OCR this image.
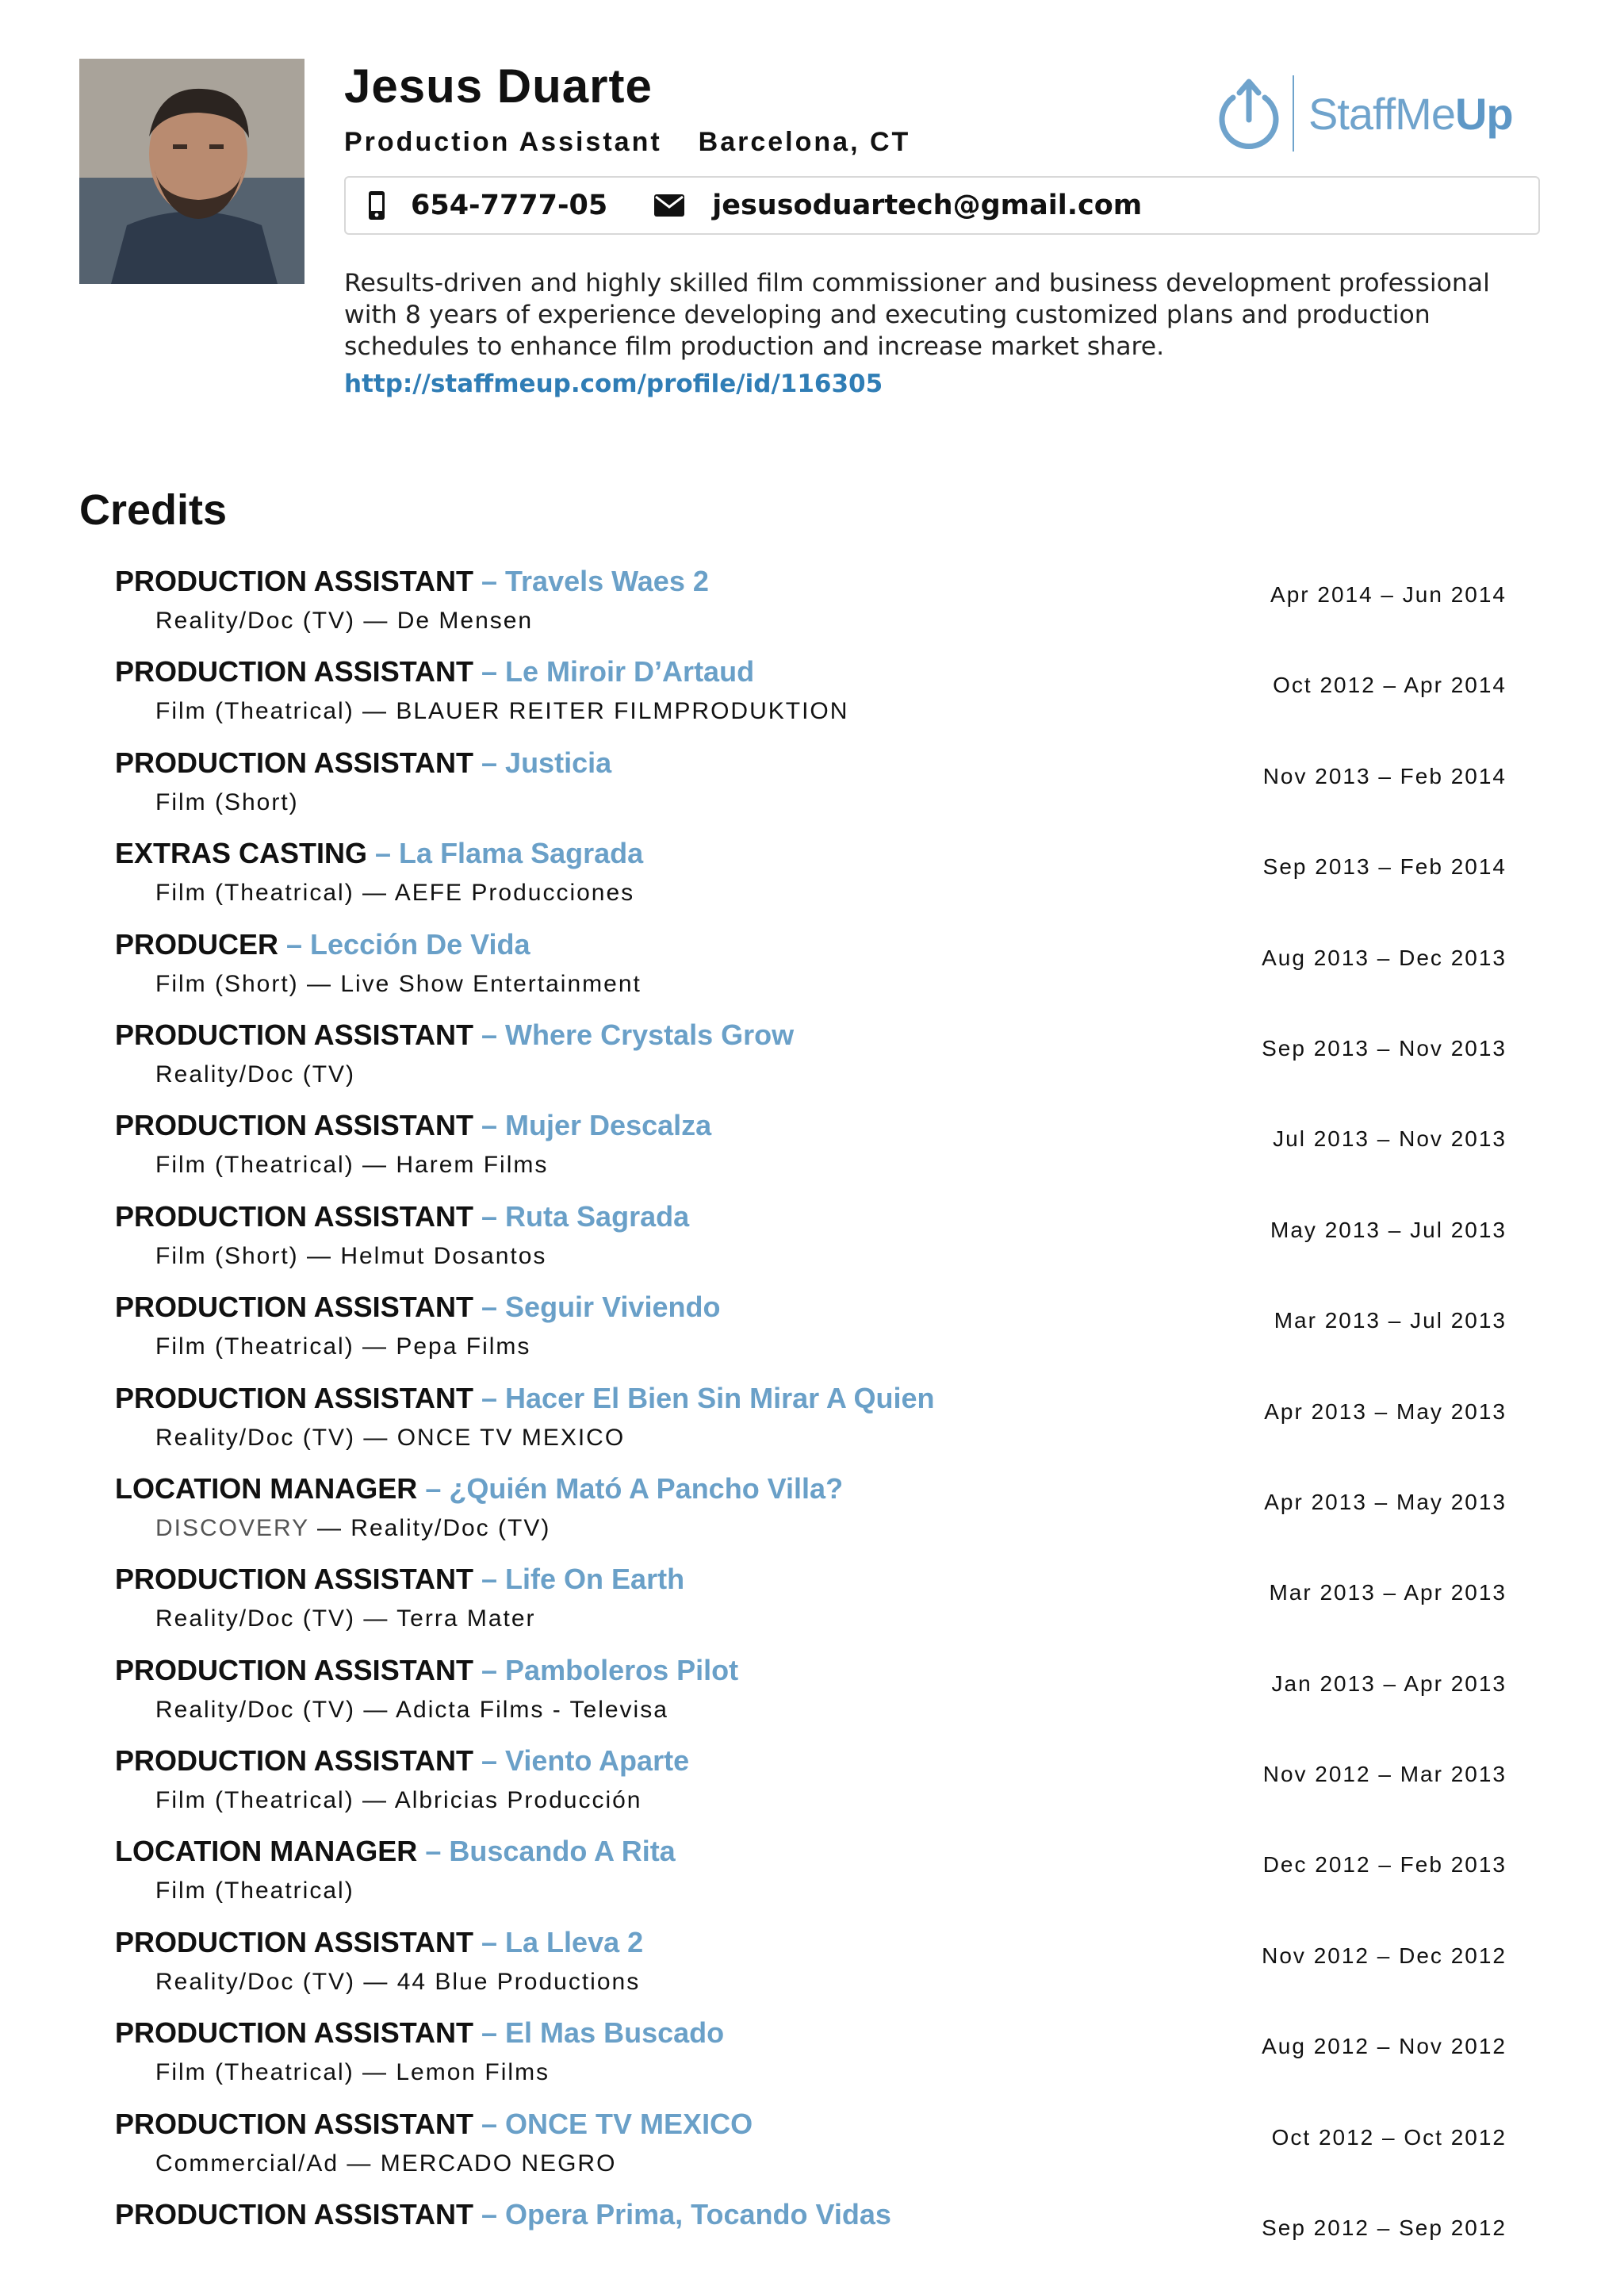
Jesus Duarte
Production Assistant Barcelona, CT
StaffMeUp
654-7777-05	jesusoduartech@gmail.com

Results-driven and highly skilled film commissioner and business development professional with 8 years of experience developing and executing customized plans and production schedules to enhance film production and increase market share.

http://staffmeup.com/profile/id/116305
Credits
PRODUCTION ASSISTANT – Travels Waes 2
Reality/Doc (TV) — De Mensen
Apr 2014 – Jun 2014
PRODUCTION ASSISTANT – Le Miroir D’Artaud
Film (Theatrical) — BLAUER REITER FILMPRODUKTION
Oct 2012 – Apr 2014
PRODUCTION ASSISTANT – Justicia
Film (Short)
Nov 2013 – Feb 2014
EXTRAS CASTING – La Flama Sagrada
Film (Theatrical) — AEFE Producciones
Sep 2013 – Feb 2014
PRODUCER – Lección De Vida
Film (Short) — Live Show Entertainment
Aug 2013 – Dec 2013
PRODUCTION ASSISTANT – Where Crystals Grow
Reality/Doc (TV)
Sep 2013 – Nov 2013
PRODUCTION ASSISTANT – Mujer Descalza
Film (Theatrical) — Harem Films
Jul 2013 – Nov 2013
PRODUCTION ASSISTANT – Ruta Sagrada
Film (Short) — Helmut Dosantos
May 2013 – Jul 2013
PRODUCTION ASSISTANT – Seguir Viviendo
Film (Theatrical) — Pepa Films
Mar 2013 – Jul 2013
PRODUCTION ASSISTANT – Hacer El Bien Sin Mirar A Quien
Reality/Doc (TV) — ONCE TV MEXICO
Apr 2013 – May 2013
LOCATION MANAGER – ¿Quién Mató A Pancho Villa?
DISCOVERY — Reality/Doc (TV)
Apr 2013 – May 2013
PRODUCTION ASSISTANT – Life On Earth
Reality/Doc (TV) — Terra Mater
Mar 2013 – Apr 2013
PRODUCTION ASSISTANT – Pamboleros Pilot
Reality/Doc (TV) — Adicta Films - Televisa
Jan 2013 – Apr 2013
PRODUCTION ASSISTANT – Viento Aparte
Film (Theatrical) — Albricias Producción
Nov 2012 – Mar 2013
LOCATION MANAGER – Buscando A Rita
Film (Theatrical)
Dec 2012 – Feb 2013
PRODUCTION ASSISTANT – La Lleva 2
Reality/Doc (TV) — 44 Blue Productions
Nov 2012 – Dec 2012
PRODUCTION ASSISTANT – El Mas Buscado
Film (Theatrical) — Lemon Films
Aug 2012 – Nov 2012
PRODUCTION ASSISTANT – ONCE TV MEXICO
Commercial/Ad — MERCADO NEGRO
Oct 2012 – Oct 2012
PRODUCTION ASSISTANT – Opera Prima, Tocando Vidas	Sep 2012 – Sep 2012
